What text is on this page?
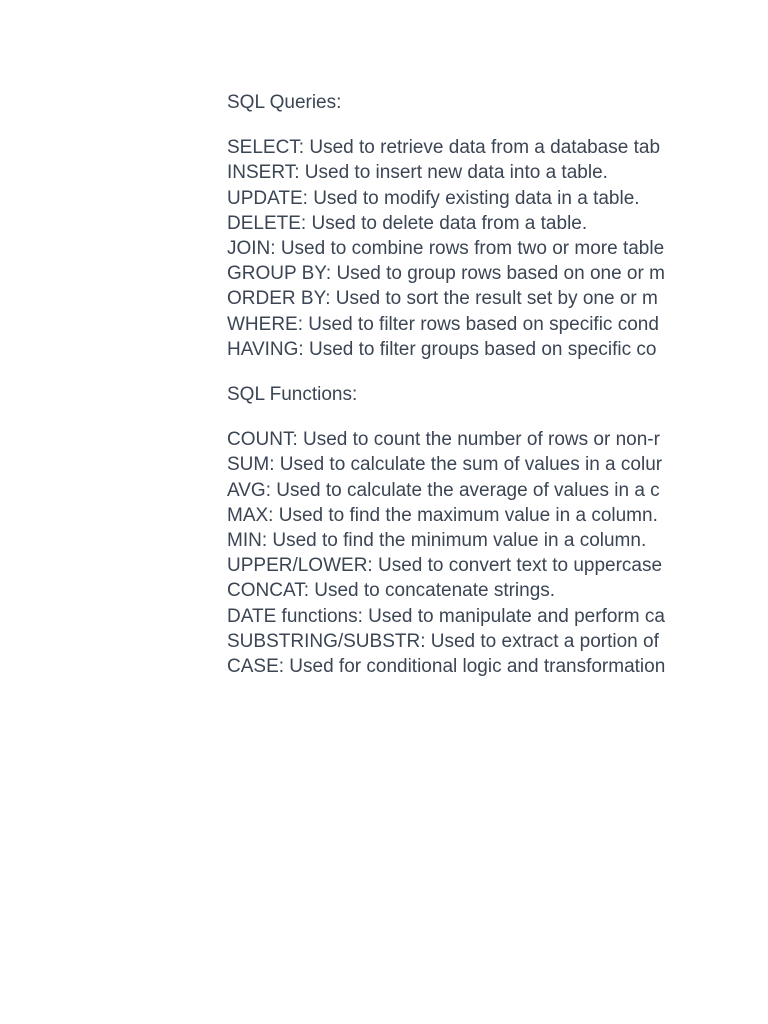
SQL Queries:

SELECT: Used to retrieve data from a database tab
INSERT: Used to insert new data into a table.
UPDATE: Used to modify existing data in a table.
DELETE: Used to delete data from a table.
JOIN: Used to combine rows from two or more table
GROUP BY: Used to group rows based on one or m
ORDER BY: Used to sort the result set by one or m
WHERE: Used to filter rows based on specific cond
HAVING: Used to filter groups based on specific co

SQL Functions:

COUNT: Used to count the number of rows or non-r
SUM: Used to calculate the sum of values in a colur
AVG: Used to calculate the average of values in a c
MAX: Used to find the maximum value in a column.
MIN: Used to find the minimum value in a column.
UPPER/LOWER: Used to convert text to uppercase
CONCAT: Used to concatenate strings.
DATE functions: Used to manipulate and perform ca
SUBSTRING/SUBSTR: Used to extract a portion of
CASE: Used for conditional logic and transformation
